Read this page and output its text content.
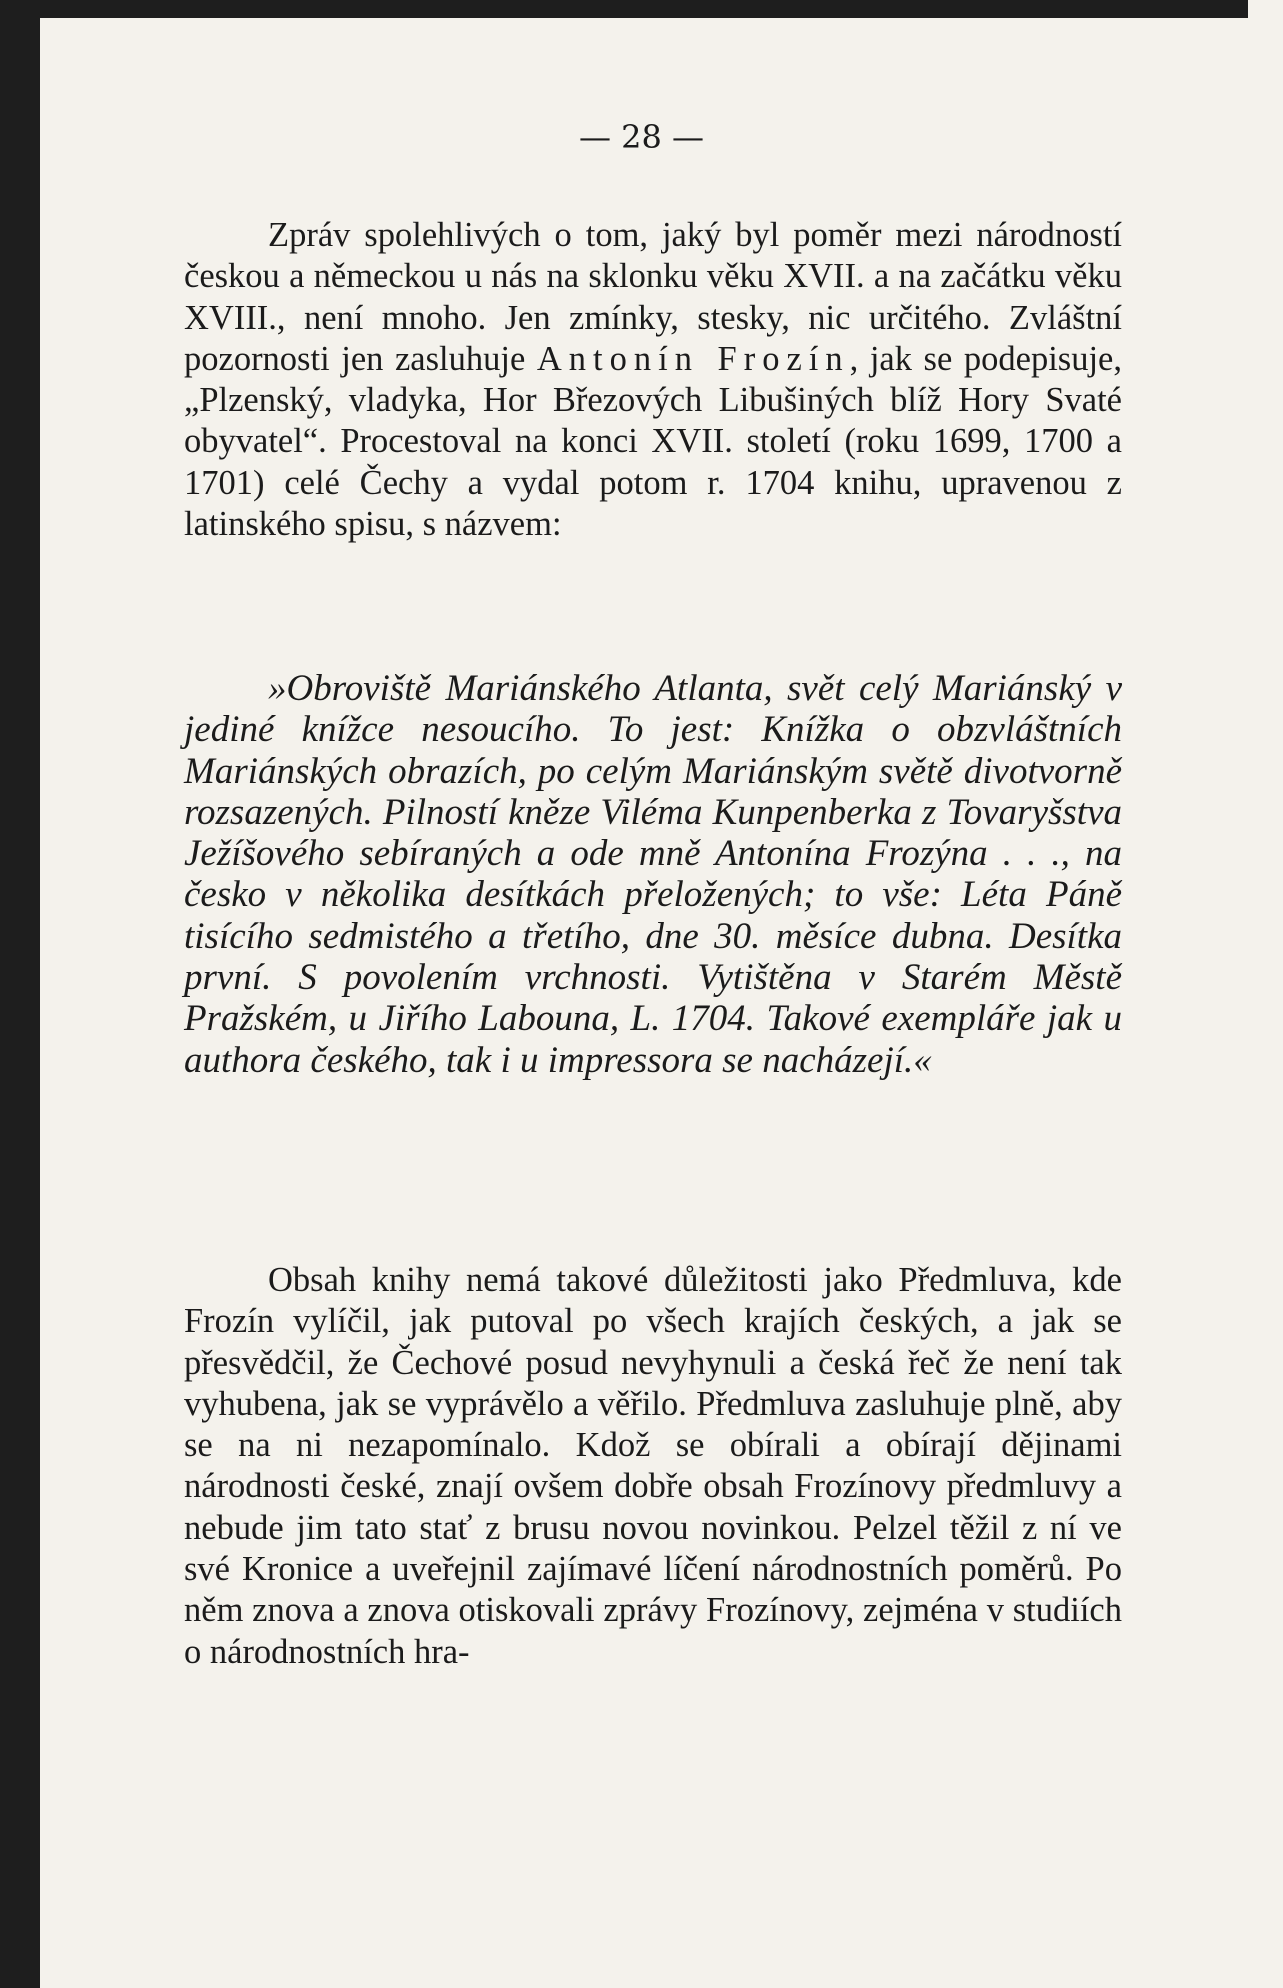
— 28 —

Zpráv spolehlivých o tom, jaký byl poměr mezi národností českou a německou u nás na sklonku věku XVII. a na začátku věku XVIII., není mnoho. Jen zmínky, stesky, nic určitého. Zvláštní pozornosti jen zasluhuje Antonín Frozín, jak se podepisuje, „Plzenský, vladyka, Hor Březových Libušiných blíž Hory Svaté obyvatel“. Procestoval na konci XVII. století (roku 1699, 1700 a 1701) celé Čechy a vydal potom r. 1704 knihu, upravenou z latinského spisu, s názvem:

»Obroviště Mariánského Atlanta, svět celý Mariánský v jediné knížce nesoucího. To jest: Knížka o obzvláštních Mariánských obrazích, po celým Mariánským světě divotvorně rozsazených. Pilností kněze Viléma Kunpenberka z Tovaryšstva Ježíšového sebíraných a ode mně Antonína Frozýna . . ., na česko v několika desítkách přeložených; to vše: Léta Páně tisícího sedmistého a třetího, dne 30. měsíce dubna. Desítka první. S povolením vrchnosti. Vytištěna v Starém Městě Pražském, u Jiřího Labouna, L. 1704. Takové exempláře jak u authora českého, tak i u impressora se nacházejí.«

Obsah knihy nemá takové důležitosti jako Předmluva, kde Frozín vylíčil, jak putoval po všech krajích českých, a jak se přesvědčil, že Čechové posud nevyhynuli a česká řeč že není tak vyhubena, jak se vyprávělo a věřilo. Předmluva zasluhuje plně, aby se na ni nezapomínalo. Kdož se obírali a obírají dějinami národnosti české, znají ovšem dobře obsah Frozínovy předmluvy a nebude jim tato stať z brusu novou novinkou. Pelzel těžil z ní ve své Kronice a uveřejnil zajímavé líčení národnostních poměrů. Po něm znova a znova otiskovali zprávy Frozínovy, zejména v studiích o národnostních hra-
